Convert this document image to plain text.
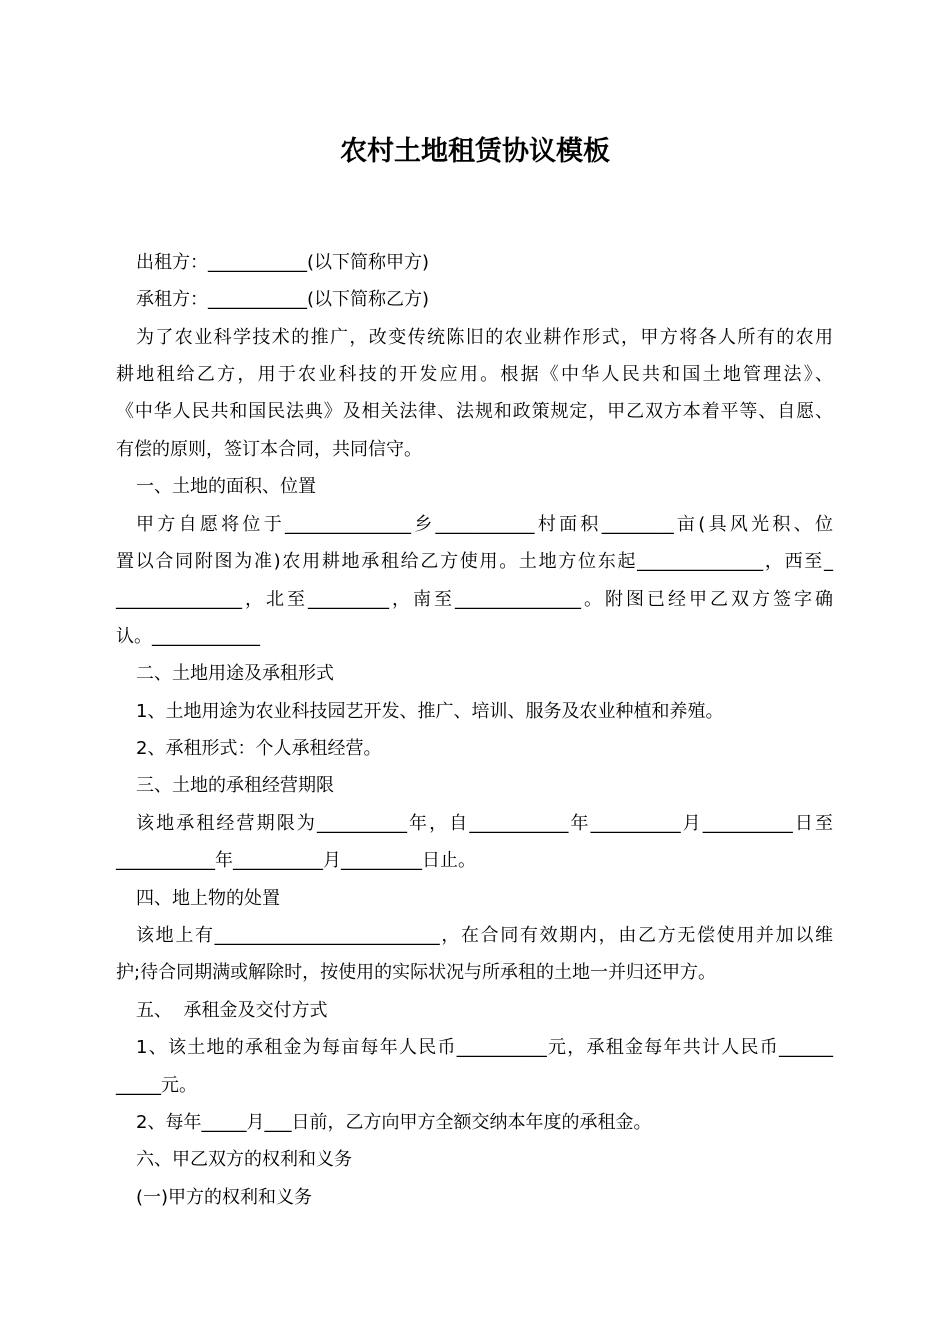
农村土地租赁协议模板
出租方：___________(以下简称甲方)
承租方：___________(以下简称乙方)
为了农业科学技术的推广，改变传统陈旧的农业耕作形式，甲方将各人所有的农用
耕地租给乙方，用于农业科技的开发应用。根据《中华人民共和国土地管理法》、
《中华人民共和国民法典》及相关法律、法规和政策规定，甲乙双方本着平等、自愿、
有偿的原则，签订本合同，共同信守。
一、土地的面积、位置
甲方自愿将位于______________乡___________村面积________亩(具风光积、位
置以合同附图为准)农用耕地承租给乙方使用。土地方位东起______________，西至_
______________，北至_________，南至______________。附图已经甲乙双方签字确
认。____________
二、土地用途及承租形式
1、土地用途为农业科技园艺开发、推广、培训、服务及农业种植和养殖。
2、承租形式：个人承租经营。
三、土地的承租经营期限
该地承租经营期限为__________年，自___________年__________月__________日至
___________年__________月_________日止。
四、地上物的处置
该地上有_________________________，在合同有效期内，由乙方无偿使用并加以维
护;待合同期满或解除时，按使用的实际状况与所承租的土地一并归还甲方。
五、  承租金及交付方式
1、该土地的承租金为每亩每年人民币__________元，承租金每年共计人民币______
_____元。
2、每年_____月___日前，乙方向甲方全额交纳本年度的承租金。
六、甲乙双方的权利和义务
(一)甲方的权利和义务
